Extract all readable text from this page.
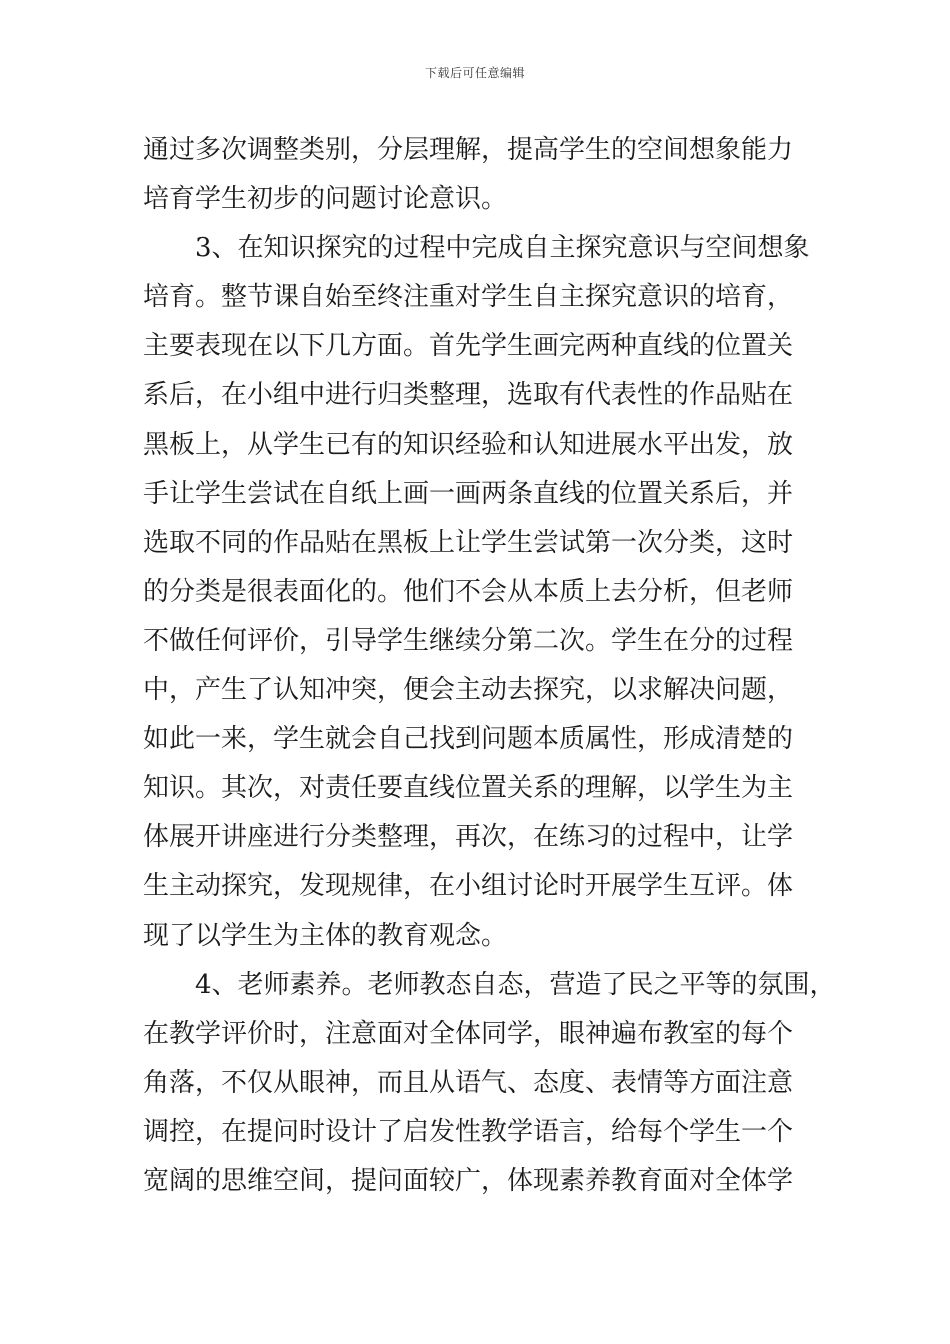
下载后可任意编辑
通过多次调整类别，分层理解，提高学生的空间想象能力
培育学生初步的问题讨论意识。
3、在知识探究的过程中完成自主探究意识与空间想象
培育。整节课自始至终注重对学生自主探究意识的培育，
主要表现在以下几方面。首先学生画完两种直线的位置关
系后，在小组中进行归类整理，选取有代表性的作品贴在
黑板上，从学生已有的知识经验和认知进展水平出发，放
手让学生尝试在自纸上画一画两条直线的位置关系后，并
选取不同的作品贴在黑板上让学生尝试第一次分类，这时
的分类是很表面化的。他们不会从本质上去分析，但老师
不做任何评价，引导学生继续分第二次。学生在分的过程
中，产生了认知冲突，便会主动去探究，以求解决问题，
如此一来，学生就会自己找到问题本质属性，形成清楚的
知识。其次，对责任要直线位置关系的理解，以学生为主
体展开讲座进行分类整理，再次，在练习的过程中，让学
生主动探究，发现规律，在小组讨论时开展学生互评。体
现了以学生为主体的教育观念。
4、老师素养。老师教态自态，营造了民之平等的氛围，
在教学评价时，注意面对全体同学，眼神遍布教室的每个
角落，不仅从眼神，而且从语气、态度、表情等方面注意
调控，在提问时设计了启发性教学语言，给每个学生一个
宽阔的思维空间，提问面较广，体现素养教育面对全体学
